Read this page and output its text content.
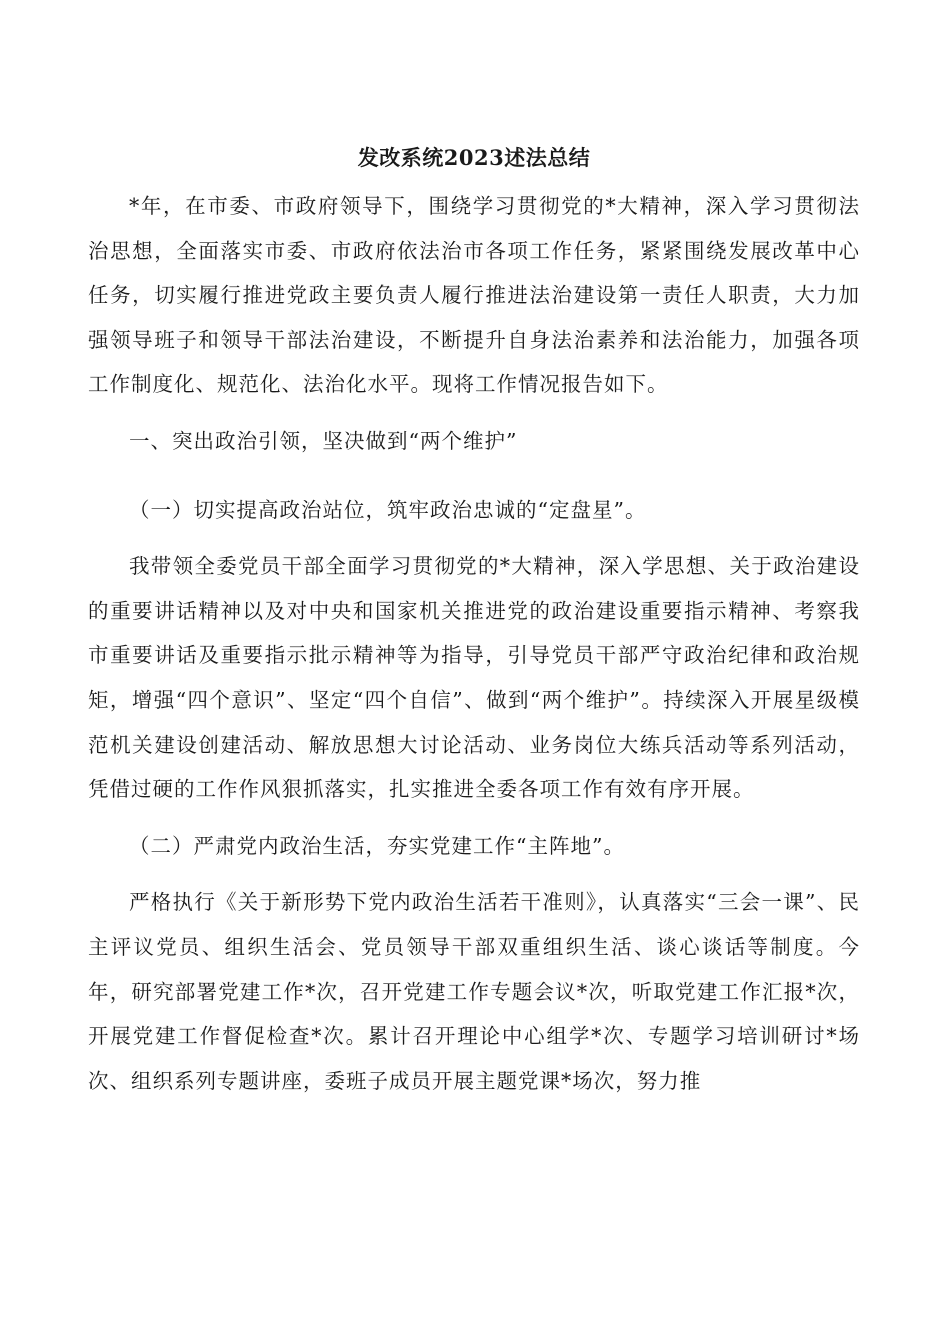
发改系统2023述法总结

*年，在市委、市政府领导下，围绕学习贯彻党的*大精神，深入学习贯彻法治思想，全面落实市委、市政府依法治市各项工作任务，紧紧围绕发展改革中心任务，切实履行推进党政主要负责人履行推进法治建设第一责任人职责，大力加强领导班子和领导干部法治建设，不断提升自身法治素养和法治能力，加强各项工作制度化、规范化、法治化水平。现将工作情况报告如下。

一、突出政治引领，坚决做到“两个维护”

（一）切实提高政治站位，筑牢政治忠诚的“定盘星”。

我带领全委党员干部全面学习贯彻党的*大精神，深入学思想、关于政治建设的重要讲话精神以及对中央和国家机关推进党的政治建设重要指示精神、考察我市重要讲话及重要指示批示精神等为指导，引导党员干部严守政治纪律和政治规矩，增强“四个意识”、坚定“四个自信”、做到“两个维护”。持续深入开展星级模范机关建设创建活动、解放思想大讨论活动、业务岗位大练兵活动等系列活动，凭借过硬的工作作风狠抓落实，扎实推进全委各项工作有效有序开展。

（二）严肃党内政治生活，夯实党建工作“主阵地”。

严格执行《关于新形势下党内政治生活若干准则》，认真落实“三会一课”、民主评议党员、组织生活会、党员领导干部双重组织生活、谈心谈话等制度。今年，研究部署党建工作*次，召开党建工作专题会议*次，听取党建工作汇报*次，开展党建工作督促检查*次。累计召开理论中心组学*次、专题学习培训研讨*场次、组织系列专题讲座，委班子成员开展主题党课*场次，努力推
